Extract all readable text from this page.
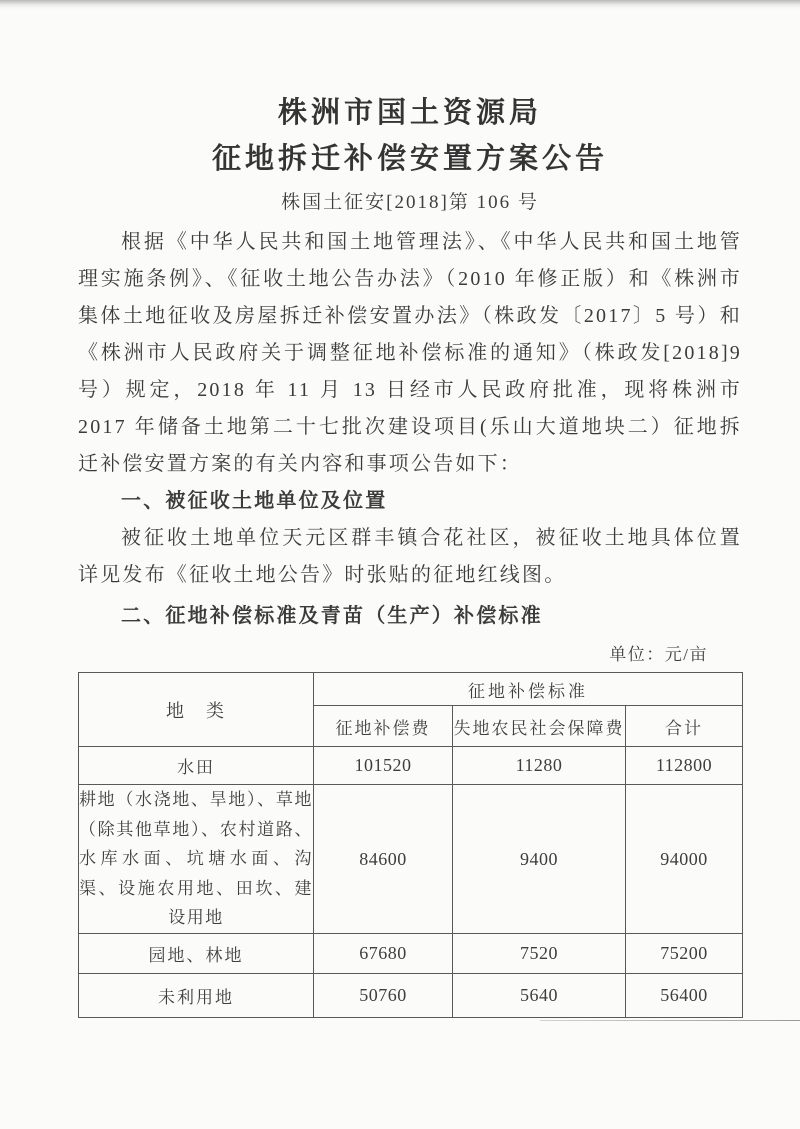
株洲市国土资源局
征地拆迁补偿安置方案公告
株国土征安[2018]第 106 号

根据《中华人民共和国土地管理法》、《中华人民共和国土地管理实施条例》、《征收土地公告办法》（2010 年修正版）和《株洲市集体土地征收及房屋拆迁补偿安置办法》（株政发〔2017〕5 号）和《株洲市人民政府关于调整征地补偿标准的通知》（株政发[2018]9 号）规定，2018 年 11 月 13 日经市人民政府批准，现将株洲市 2017 年储备土地第二十七批次建设项目(乐山大道地块二）征地拆迁补偿安置方案的有关内容和事项公告如下：

一、被征收土地单位及位置

被征收土地单位天元区群丰镇合花社区，被征收土地具体位置详见发布《征收土地公告》时张贴的征地红线图。

二、征地补偿标准及青苗（生产）补偿标准

单位：元/亩
地　类	征地补偿标准		
	征地补偿费	失地农民社会保障费	合计
水田	101520	11280	112800
耕地（水浇地、旱地）、草地（除其他草地）、农村道路、水库水面、坑塘水面、沟渠、设施农用地、田坎、建设用地	84600	9400	94000
园地、林地	67680	7520	75200
未利用地	50760	5640	56400
